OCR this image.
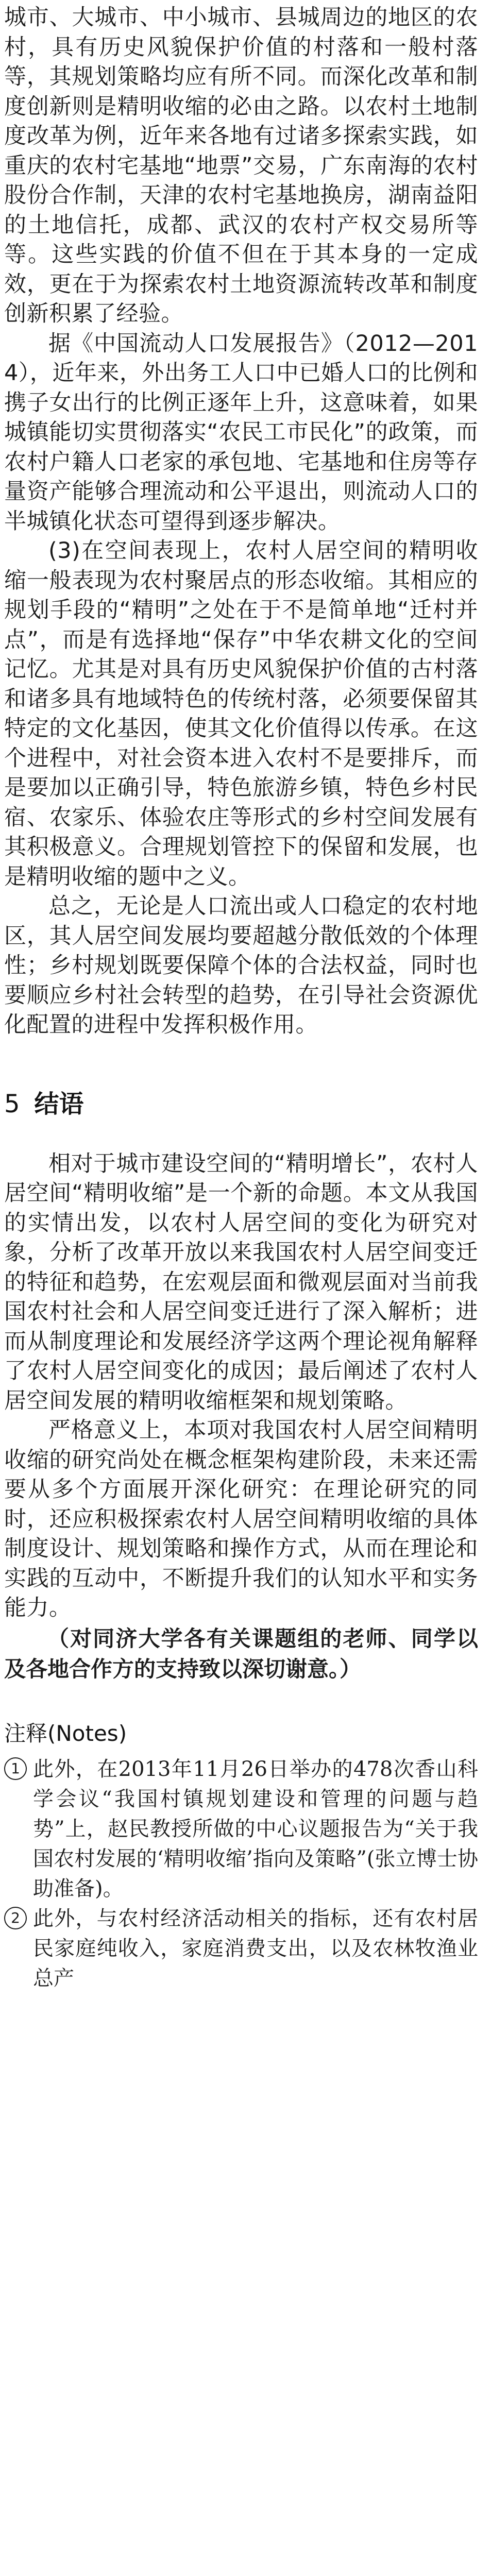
城市、大城市、中小城市、县城周边的地区的农村，具有历史风貌保护价值的村落和一般村落等，其规划策略均应有所不同。而深化改革和制度创新则是精明收缩的必由之路。以农村土地制度改革为例，近年来各地有过诸多探索实践，如重庆的农村宅基地“地票”交易，广东南海的农村股份合作制，天津的农村宅基地换房，湖南益阳的土地信托，成都、武汉的农村产权交易所等等。这些实践的价值不但在于其本身的一定成效，更在于为探索农村土地资源流转改革和制度创新积累了经验。

据《中国流动人口发展报告》（2012—2014），近年来，外出务工人口中已婚人口的比例和携子女出行的比例正逐年上升，这意味着，如果城镇能切实贯彻落实“农民工市民化”的政策，而农村户籍人口老家的承包地、宅基地和住房等存量资产能够合理流动和公平退出，则流动人口的半城镇化状态可望得到逐步解决。

(3)在空间表现上，农村人居空间的精明收缩一般表现为农村聚居点的形态收缩。其相应的规划手段的“精明”之处在于不是简单地“迁村并点”，而是有选择地“保存”中华农耕文化的空间记忆。尤其是对具有历史风貌保护价值的古村落和诸多具有地域特色的传统村落，必须要保留其特定的文化基因，使其文化价值得以传承。在这个进程中，对社会资本进入农村不是要排斥，而是要加以正确引导，特色旅游乡镇，特色乡村民宿、农家乐、体验农庄等形式的乡村空间发展有其积极意义。合理规划管控下的保留和发展，也是精明收缩的题中之义。

总之，无论是人口流出或人口稳定的农村地区，其人居空间发展均要超越分散低效的个体理性；乡村规划既要保障个体的合法权益，同时也要顺应乡村社会转型的趋势，在引导社会资源优化配置的进程中发挥积极作用。

5 结语

相对于城市建设空间的“精明增长”，农村人居空间“精明收缩”是一个新的命题。本文从我国的实情出发，以农村人居空间的变化为研究对象，分析了改革开放以来我国农村人居空间变迁的特征和趋势，在宏观层面和微观层面对当前我国农村社会和人居空间变迁进行了深入解析；进而从制度理论和发展经济学这两个理论视角解释了农村人居空间变化的成因；最后阐述了农村人居空间发展的精明收缩框架和规划策略。

严格意义上，本项对我国农村人居空间精明收缩的研究尚处在概念框架构建阶段，未来还需要从多个方面展开深化研究：在理论研究的同时，还应积极探索农村人居空间精明收缩的具体制度设计、规划策略和操作方式，从而在理论和实践的互动中，不断提升我们的认知水平和实务能力。

（对同济大学各有关课题组的老师、同学以及各地合作方的支持致以深切谢意。）

注释(Notes)
1 此外，在2013年11月26日举办的478次香山科学会议“我国村镇规划建设和管理的问题与趋势”上，赵民教授所做的中心议题报告为“关于我国农村发展的‘精明收缩’指向及策略”(张立博士协助准备)。
2 此外，与农村经济活动相关的指标，还有农村居民家庭纯收入，家庭消费支出，以及农林牧渔业总产
